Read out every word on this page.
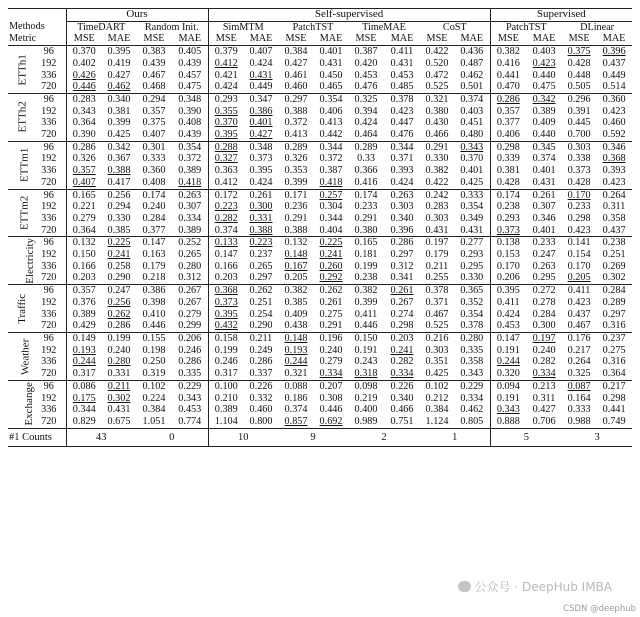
		Ours				Self-supervised								Supervised			
Methods		TimeDART		Random Init.		SimMTM		PatchTST		TimeMAE		CoST		PatchTST		DLinear	
Metric		MSE	MAE	MSE	MAE	MSE	MAE	MSE	MAE	MSE	MAE	MSE	MAE	MSE	MAE	MSE	MAE
ETTh1	96	0.370	0.395	0.383	0.405	0.379	0.407	0.384	0.401	0.387	0.411	0.422	0.436	0.382	0.403	0.375	0.396
	192	0.402	0.419	0.439	0.439	0.412	0.424	0.427	0.431	0.420	0.431	0.520	0.487	0.416	0.423	0.428	0.437
	336	0.426	0.427	0.467	0.457	0.421	0.431	0.461	0.450	0.453	0.453	0.472	0.462	0.441	0.440	0.448	0.449
	720	0.446	0.462	0.468	0.475	0.424	0.449	0.460	0.465	0.476	0.485	0.525	0.501	0.470	0.475	0.505	0.514
ETTh2	96	0.283	0.340	0.294	0.348	0.293	0.347	0.297	0.354	0.325	0.378	0.321	0.374	0.286	0.342	0.296	0.360
	192	0.343	0.381	0.357	0.390	0.355	0.386	0.388	0.406	0.394	0.423	0.380	0.403	0.357	0.389	0.391	0.423
	336	0.364	0.399	0.375	0.408	0.370	0.401	0.372	0.413	0.424	0.447	0.430	0.451	0.377	0.409	0.445	0.460
	720	0.390	0.425	0.407	0.439	0.395	0.427	0.413	0.442	0.464	0.476	0.466	0.480	0.406	0.440	0.700	0.592
ETTm1	96	0.286	0.342	0.301	0.354	0.288	0.348	0.289	0.344	0.289	0.344	0.291	0.343	0.298	0.345	0.303	0.346
	192	0.326	0.367	0.333	0.372	0.327	0.373	0.326	0.372	0.33	0.371	0.330	0.370	0.339	0.374	0.338	0.368
	336	0.357	0.388	0.360	0.389	0.363	0.395	0.353	0.387	0.366	0.393	0.382	0.401	0.381	0.401	0.373	0.393
	720	0.407	0.417	0.408	0.418	0.412	0.424	0.399	0.418	0.416	0.424	0.422	0.425	0.428	0.431	0.428	0.423
ETTm2	96	0.165	0.256	0.174	0.263	0.172	0.261	0.171	0.257	0.174	0.263	0.242	0.333	0.174	0.261	0.170	0.264
	192	0.221	0.294	0.240	0.307	0.223	0.300	0.236	0.304	0.233	0.303	0.283	0.354	0.238	0.307	0.233	0.311
	336	0.279	0.330	0.284	0.334	0.282	0.331	0.291	0.344	0.291	0.340	0.303	0.349	0.293	0.346	0.298	0.358
	720	0.364	0.385	0.377	0.389	0.374	0.388	0.388	0.404	0.380	0.396	0.431	0.431	0.373	0.401	0.423	0.437
Electricity	96	0.132	0.225	0.147	0.252	0.133	0.223	0.132	0.225	0.165	0.286	0.197	0.277	0.138	0.233	0.141	0.238
	192	0.150	0.241	0.163	0.265	0.147	0.237	0.148	0.241	0.181	0.297	0.179	0.293	0.153	0.247	0.154	0.251
	336	0.166	0.258	0.179	0.280	0.166	0.265	0.167	0.260	0.199	0.312	0.211	0.295	0.170	0.263	0.170	0.269
	720	0.203	0.290	0.218	0.312	0.203	0.297	0.205	0.292	0.238	0.341	0.255	0.330	0.206	0.295	0.205	0.302
Traffic	96	0.357	0.247	0.386	0.267	0.368	0.262	0.382	0.262	0.382	0.261	0.378	0.365	0.395	0.272	0.411	0.284
	192	0.376	0.256	0.398	0.267	0.373	0.251	0.385	0.261	0.399	0.267	0.371	0.352	0.411	0.278	0.423	0.289
	336	0.389	0.262	0.410	0.279	0.395	0.254	0.409	0.275	0.411	0.274	0.467	0.354	0.424	0.284	0.437	0.297
	720	0.429	0.286	0.446	0.299	0.432	0.290	0.438	0.291	0.446	0.298	0.525	0.378	0.453	0.300	0.467	0.316
Weather	96	0.149	0.199	0.155	0.206	0.158	0.211	0.148	0.196	0.150	0.203	0.216	0.280	0.147	0.197	0.176	0.237
	192	0.193	0.240	0.198	0.246	0.199	0.249	0.193	0.240	0.191	0.241	0.303	0.335	0.191	0.240	0.217	0.275
	336	0.244	0.280	0.250	0.286	0.246	0.286	0.244	0.279	0.243	0.282	0.351	0.358	0.244	0.282	0.264	0.316
	720	0.317	0.331	0.319	0.335	0.317	0.337	0.321	0.334	0.318	0.334	0.425	0.343	0.320	0.334	0.325	0.364
Exchange	96	0.086	0.211	0.102	0.229	0.100	0.226	0.088	0.207	0.098	0.226	0.102	0.229	0.094	0.213	0.087	0.217
	192	0.175	0.302	0.224	0.343	0.210	0.332	0.186	0.308	0.219	0.340	0.212	0.334	0.191	0.311	0.164	0.298
	336	0.344	0.431	0.384	0.453	0.389	0.460	0.374	0.446	0.400	0.466	0.384	0.462	0.343	0.427	0.333	0.441
	720	0.829	0.675	1.051	0.774	1.104	0.800	0.857	0.692	0.989	0.751	1.124	0.805	0.888	0.706	0.988	0.749
#1 Counts		43		0		10		9		2		1		5		3	
公众号 · DeepHub IMBA
CSDN @deephub
